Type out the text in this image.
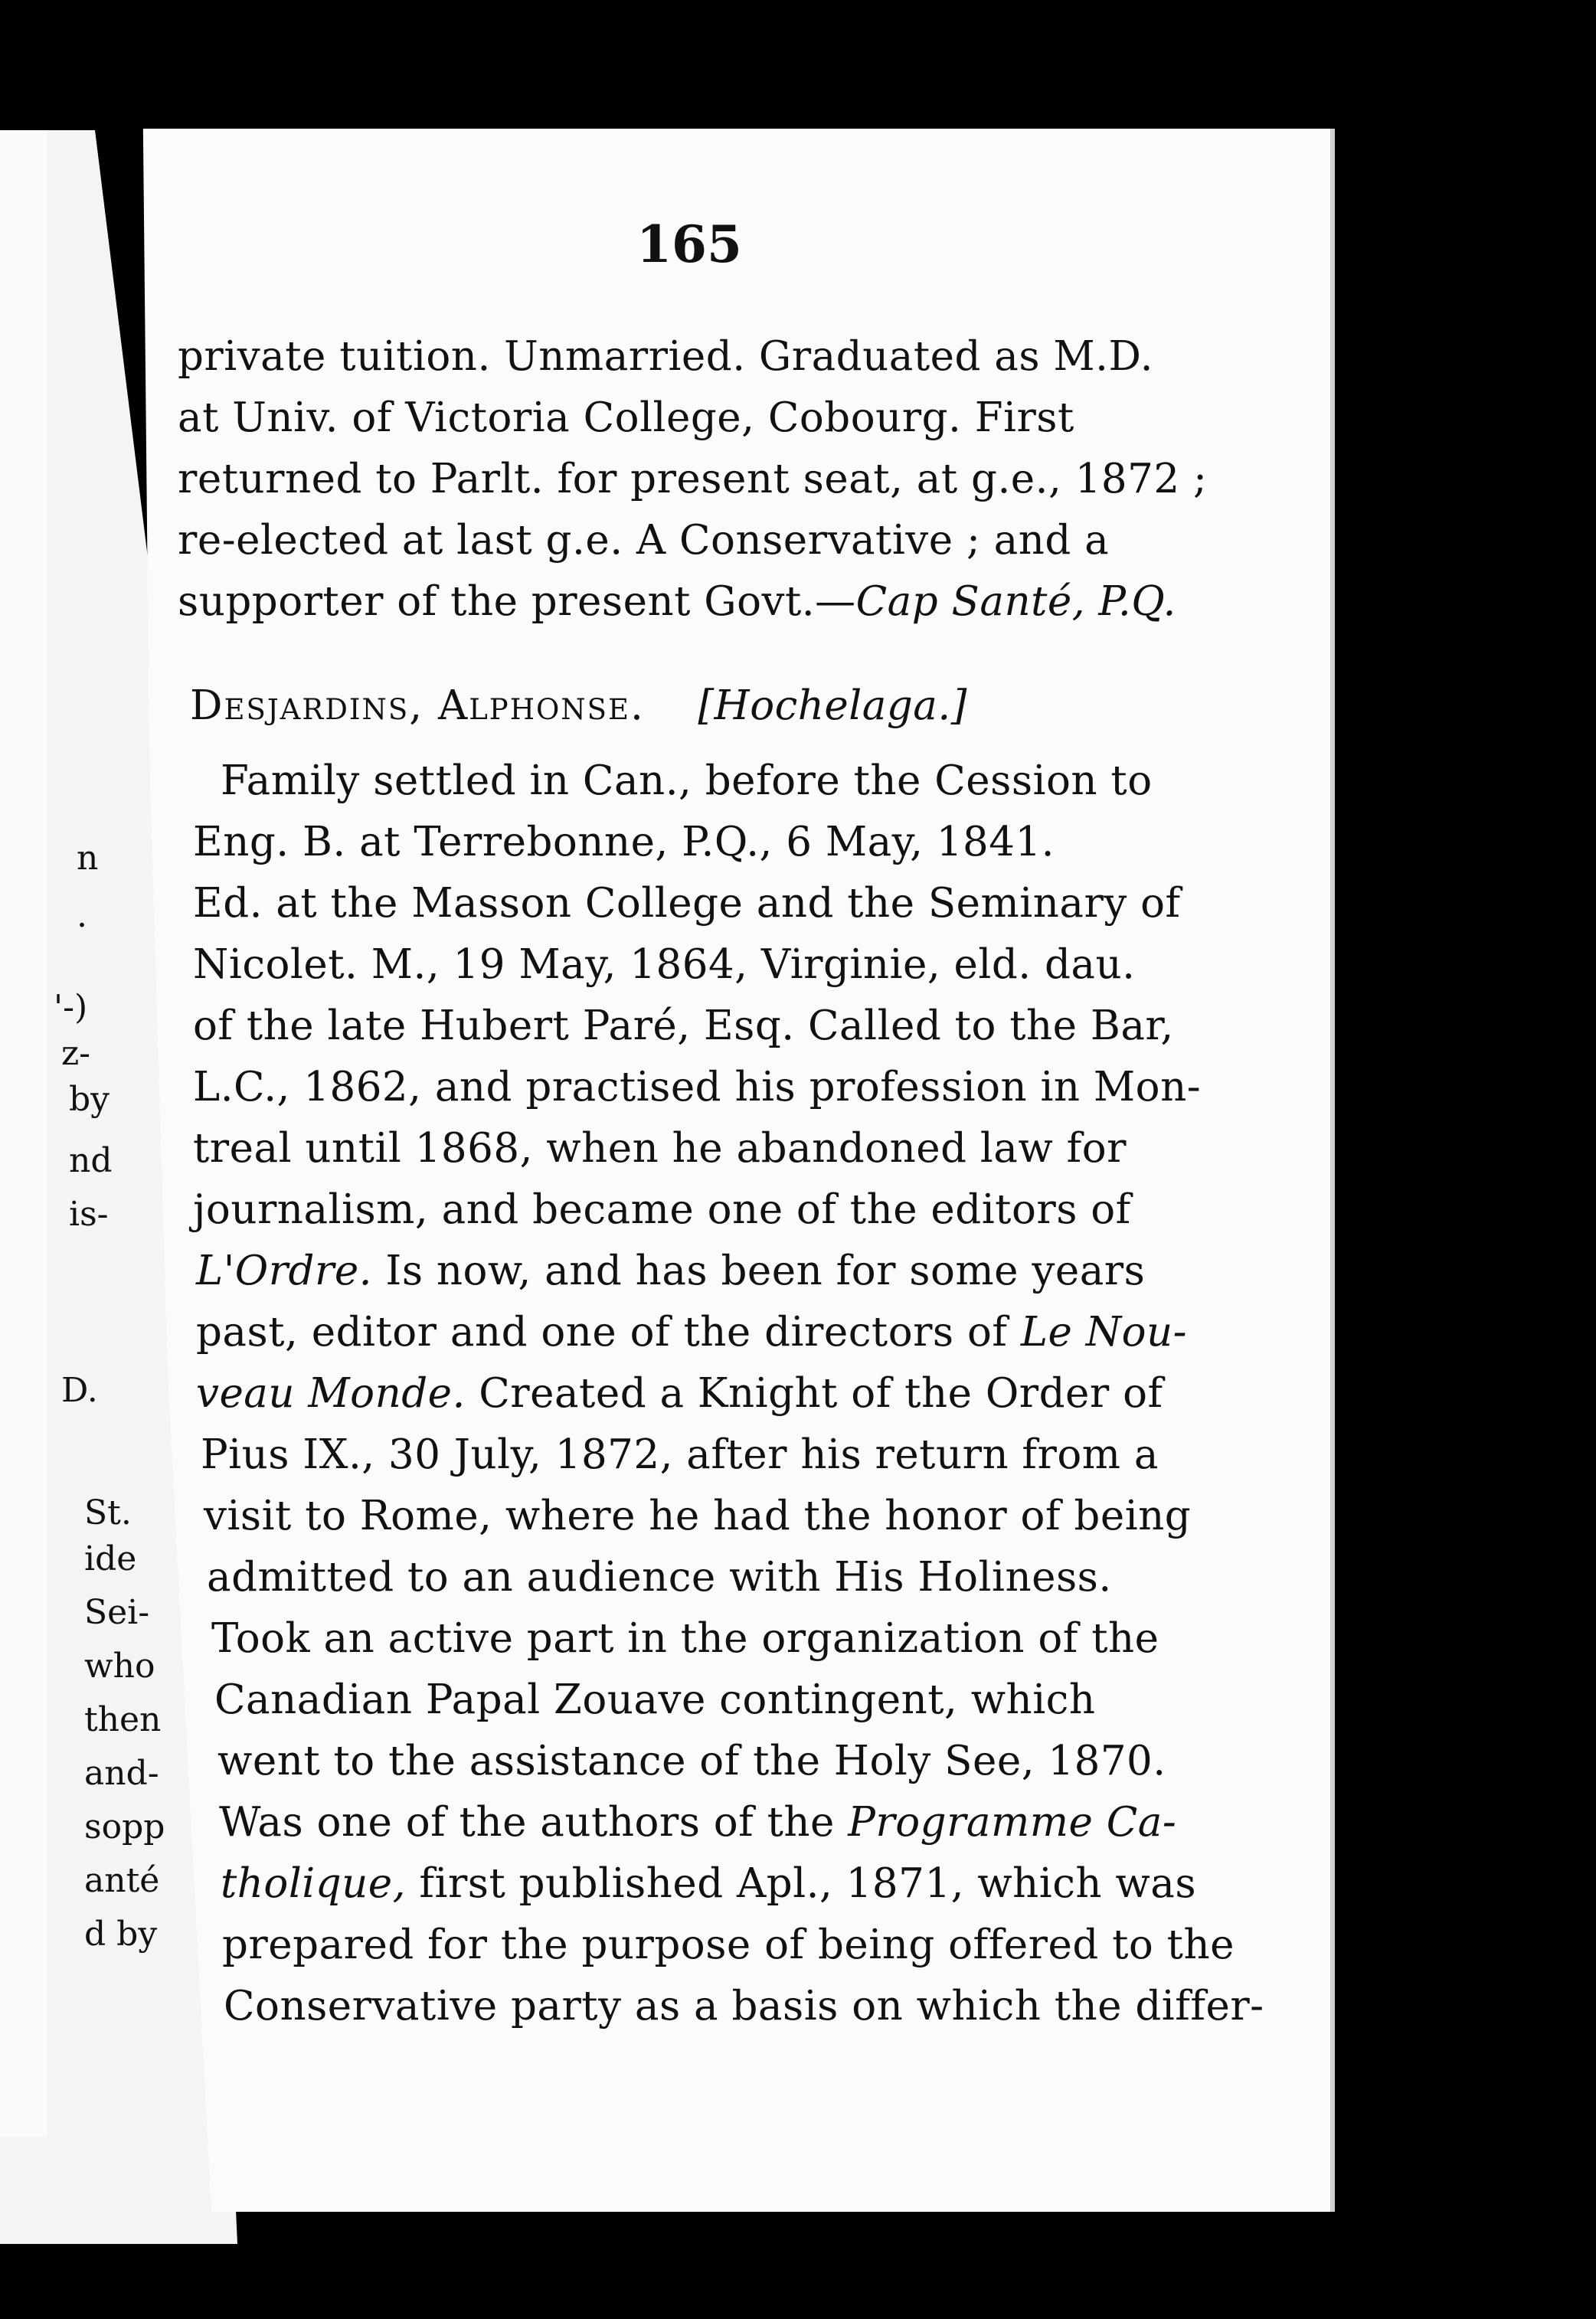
n
.
'-)
z-
by
nd
is-
D.
St.
ide
Sei-
who
then
and-
sopp
anté
d by
165
private tuition. Unmarried. Graduated as M.D.
at Univ. of Victoria College, Cobourg. First
returned to Parlt. for present seat, at g.e., 1872 ;
re-elected at last g.e. A Conservative ; and a
supporter of the present Govt.—Cap Santé, P.Q.
Desjardins, Alphonse. [Hochelaga.]
Family settled in Can., before the Cession to
Eng. B. at Terrebonne, P.Q., 6 May, 1841.
Ed. at the Masson College and the Seminary of
Nicolet. M., 19 May, 1864, Virginie, eld. dau.
of the late Hubert Paré, Esq. Called to the Bar,
L.C., 1862, and practised his profession in Mon-
treal until 1868, when he abandoned law for
journalism, and became one of the editors of
L'Ordre. Is now, and has been for some years
past, editor and one of the directors of Le Nou-
veau Monde. Created a Knight of the Order of
Pius IX., 30 July, 1872, after his return from a
visit to Rome, where he had the honor of being
admitted to an audience with His Holiness.
Took an active part in the organization of the
Canadian Papal Zouave contingent, which
went to the assistance of the Holy See, 1870.
Was one of the authors of the Programme Ca-
tholique, first published Apl., 1871, which was
prepared for the purpose of being offered to the
Conservative party as a basis on which the differ-
